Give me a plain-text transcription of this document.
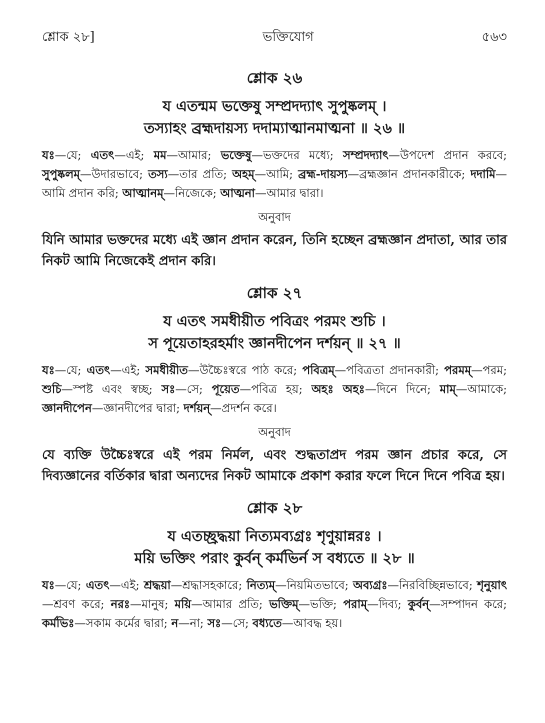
শ্লোক ২৮]	ভক্তিযোগ	৫৬৩
শ্লোক ২৬

য এতন্মম ভক্তেষু সম্প্রদদ্যাৎ সুপুষ্কলম্ ।

তস্যাহং ব্রহ্মদায়স্য দদাম্যাত্মানমাত্মনা ॥ ২৬ ॥

যঃ—যে; এতৎ—এই; মম—আমার; ভক্তেষু—ভক্তদের মধ্যে; সম্প্রদদ্যাৎ—উপদেশ প্রদান করবে; সুপুষ্কলম্—উদারভাবে; তস্য—তার প্রতি; অহম্—আমি; ব্রহ্ম-দায়স্য—ব্রহ্মজ্ঞান প্রদানকারীকে; দদামি—আমি প্রদান করি; আত্মানম্—নিজেকে; আত্মনা—আমার দ্বারা।

অনুবাদ

যিনি আমার ভক্তদের মধ্যে এই জ্ঞান প্রদান করেন, তিনি হচ্ছেন ব্রহ্মজ্ঞান প্রদাতা, আর তার নিকট আমি নিজেকেই প্রদান করি।

শ্লোক ২৭

য এতৎ সমধীয়ীত পবিত্রং পরমং শুচি ।

স পূয়েতাহরহর্মাং জ্ঞানদীপেন দর্শয়ন্ ॥ ২৭ ॥

যঃ—যে; এতৎ—এই; সমধীয়ীত—উচ্চৈঃস্বরে পাঠ করে; পবিত্রম্—পবিত্রতা প্রদানকারী; পরমম্—পরম; শুচি—স্পষ্ট এবং স্বচ্ছ; সঃ—সে; পূয়েত—পবিত্র হয়; অহঃ অহঃ—দিনে দিনে; মাম্—আমাকে; জ্ঞানদীপেন—জ্ঞানদীপের দ্বারা; দর্শয়ন্—প্রদর্শন করে।

অনুবাদ

যে ব্যক্তি উচ্চৈঃস্বরে এই পরম নির্মল, এবং শুদ্ধতাপ্রদ পরম জ্ঞান প্রচার করে, সে দিব্যজ্ঞানের বর্তিকার দ্বারা অন্যদের নিকট আমাকে প্রকাশ করার ফলে দিনে দিনে পবিত্র হয়।

শ্লোক ২৮

য এতচ্ছ্রদ্ধয়া নিত্যমব্যগ্রঃ শৃণুয়ান্নরঃ ।

ময়ি ভক্তিং পরাং কুর্বন্ কর্মভির্ন স বধ্যতে ॥ ২৮ ॥

যঃ—যে; এতৎ—এই; শ্রদ্ধয়া—শ্রদ্ধাসহকারে; নিত্যম্—নিয়মিতভাবে; অব্যগ্রঃ—নিরবিচ্ছিন্নভাবে; শৃনুয়াৎ—শ্রবণ করে; নরঃ—মানুষ; ময়ি—আমার প্রতি; ভক্তিম্—ভক্তি; পরাম্—দিব্য; কুর্বন্—সম্পাদন করে; কর্মভিঃ—সকাম কর্মের দ্বারা; ন—না; সঃ—সে; বধ্যতে—আবদ্ধ হয়।
